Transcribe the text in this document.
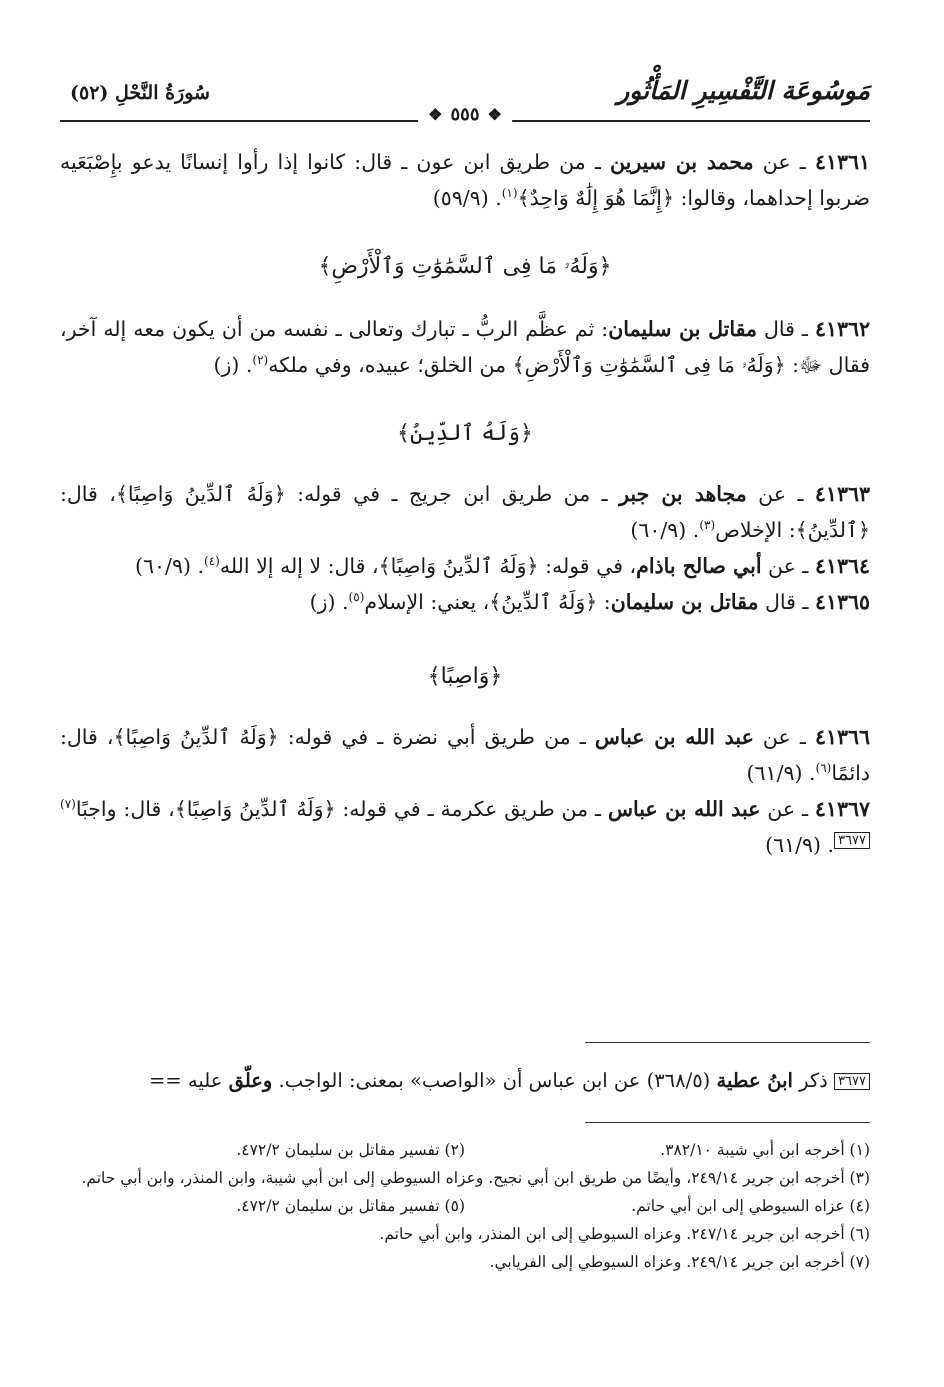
مَوسُوعَة التَّفْسِيرِ المَأْثُور
سُورَةُ النَّحْلِ (٥٢)
❖
٥٥٥
❖

٤١٣٦١ ـ عن محمد بن سيرين ـ من طريق ابن عون ـ قال: كانوا إذا رأوا إنسانًا يدعو بإِصْبَعَيه ضربوا إحداهما، وقالوا: ﴿إِنَّمَا هُوَ إِلَٰهٌ وَاحِدٌ﴾$^{(١)}$. (٥٩/٩)

﴿وَلَهُۥ مَا فِى ٱلسَّمَٰوَٰتِ وَٱلْأَرْضِ﴾

٤١٣٦٢ ـ قال مقاتل بن سليمان: ثم عظَّم الربُّ ـ تبارك وتعالى ـ نفسه من أن يكون معه إله آخر، فقال ﷻ: ﴿وَلَهُۥ مَا فِى ٱلسَّمَٰوَٰتِ وَٱلْأَرْضِ﴾ من الخلق؛ عبيده، وفي ملكه$^{(٢)}$. (ز)

﴿وَلَهُ ٱلدِّينُ﴾

٤١٣٦٣ ـ عن مجاهد بن جبر ـ من طريق ابن جريج ـ في قوله: ﴿وَلَهُ ٱلدِّينُ وَاصِبًا﴾، قال: ﴿ٱلدِّينُ﴾: الإخلاص$^{(٣)}$. (٦٠/٩)

٤١٣٦٤ ـ عن أبي صالح باذام، في قوله: ﴿وَلَهُ ٱلدِّينُ وَاصِبًا﴾، قال: لا إله إلا الله$^{(٤)}$. (٦٠/٩)

٤١٣٦٥ ـ قال مقاتل بن سليمان: ﴿وَلَهُ ٱلدِّينُ﴾، يعني: الإسلام$^{(٥)}$. (ز)

﴿وَاصِبًا﴾

٤١٣٦٦ ـ عن عبد الله بن عباس ـ من طريق أبي نضرة ـ في قوله: ﴿وَلَهُ ٱلدِّينُ وَاصِبًا﴾، قال: دائمًا$^{(٦)}$. (٦١/٩)

٤١٣٦٧ ـ عن عبد الله بن عباس ـ من طريق عكرمة ـ في قوله: ﴿وَلَهُ ٱلدِّينُ وَاصِبًا﴾، قال: واجبًا$^{(٧)}$٣٦٧٧. (٦١/٩)

٣٦٧٧ ذكر ابنُ عطية (٣٦٨/٥) عن ابن عباس أن «الواصب» بمعنى: الواجب. وعلّق عليه ==

(١) أخرجه ابن أبي شيبة ٣٨٢/١٠.
(٢) تفسير مقاتل بن سليمان ٤٧٢/٢.

(٣) أخرجه ابن جرير ٢٤٩/١٤، وأيضًا من طريق ابن أبي نجيح. وعزاه السيوطي إلى ابن أبي شيبة، وابن المنذر، وابن أبي حاتم.

(٤) عزاه السيوطي إلى ابن أبي حاتم.
(٥) تفسير مقاتل بن سليمان ٤٧٢/٢.

(٦) أخرجه ابن جرير ٢٤٧/١٤. وعزاه السيوطي إلى ابن المنذر، وابن أبي حاتم.

(٧) أخرجه ابن جرير ٢٤٩/١٤. وعزاه السيوطي إلى الفريابي.
